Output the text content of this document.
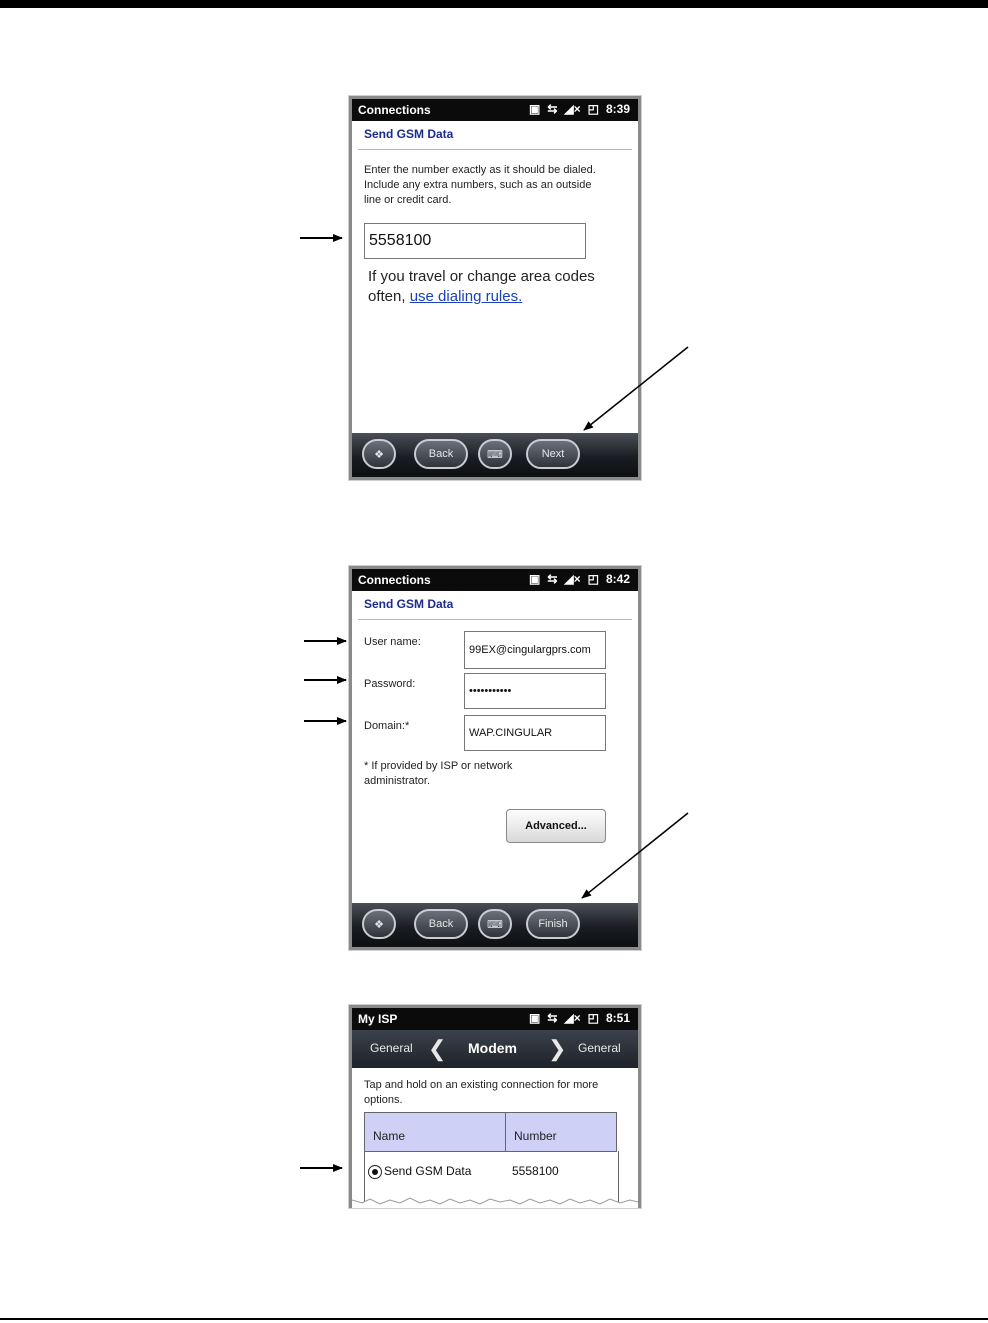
Connections	▣ ⇆ ◢× ◰ 8:39
Send GSM Data
Enter the number exactly as it should be dialed. Include any extra numbers, such as an outside line or credit card.
5558100
If you travel or change area codes often, use dialing rules.
❖	Back	⌨	Next
Connections	▣ ⇆ ◢× ◰ 8:42
Send GSM Data
User name:
99EX@cingulargprs.com
Password:
•••••••••••
Domain:*
WAP.CINGULAR
* If provided by ISP or network administrator.
Advanced...
❖	Back	⌨	Finish
My ISP	▣ ⇆ ◢× ◰ 8:51
General ❮ Modem ❯ General
Tap and hold on an existing connection for more options.
Name	Number
Send GSM Data	5558100
